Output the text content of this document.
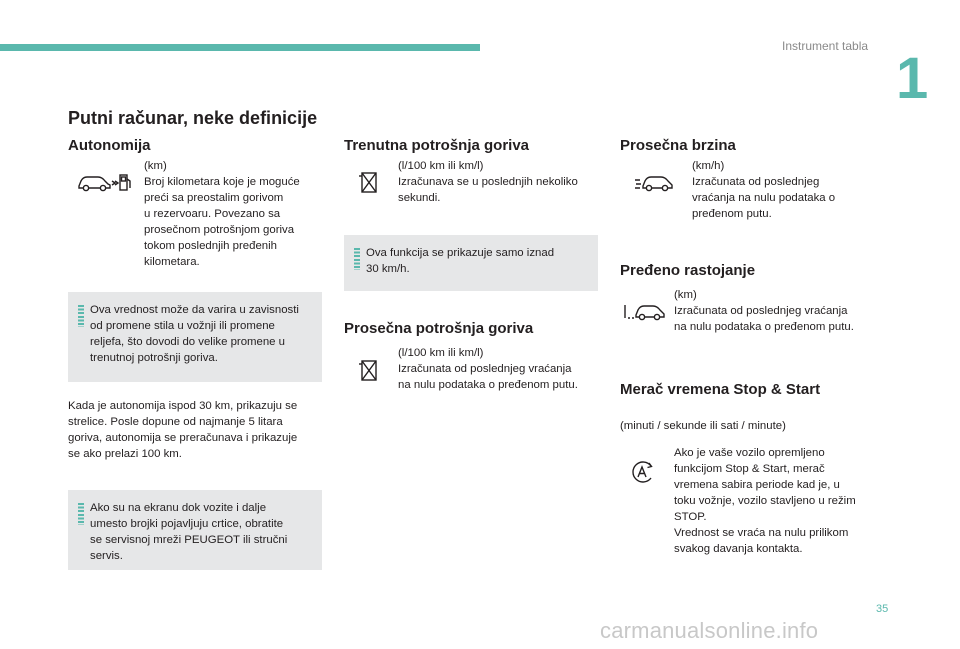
Instrument tabla 1
Putni računar, neke definicije
Autonomija
(km)
Broj kilometara koje je moguće
preći sa preostalim gorivom
u rezervoaru. Povezano sa
prosečnom potrošnjom goriva
tokom poslednjih pređenih
kilometara.
Ova vrednost može da varira u zavisnosti
od promene stila u vožnji ili promene
reljefa, što dovodi do velike promene u
trenutnoj potrošnji goriva.
Kada je autonomija ispod 30 km, prikazuju se
strelice. Posle dopune od najmanje 5 litara
goriva, autonomija se preračunava i prikazuje
se ako prelazi 100 km.
Ako su na ekranu dok vozite i dalje
umesto brojki pojavljuju crtice, obratite
se servisnoj mreži PEUGEOT ili stručni
servis.
Trenutna potrošnja goriva
(l/100 km ili km/l)
Izračunava se u poslednjih nekoliko
sekundi.
Ova funkcija se prikazuje samo iznad
30 km/h.
Prosečna potrošnja goriva
(l/100 km ili km/l)
Izračunata od poslednjeg vraćanja
na nulu podataka o pređenom putu.
Prosečna brzina
(km/h)
Izračunata od poslednjeg
vraćanja na nulu podataka o
pređenom putu.
Pređeno rastojanje
(km)
Izračunata od poslednjeg vraćanja
na nulu podataka o pređenom putu.
Merač vremena Stop & Start
(minuti / sekunde ili sati / minute)
Ako je vaše vozilo opremljeno
funkcijom Stop & Start, merač
vremena sabira periode kad je, u
toku vožnje, vozilo stavljeno u režim
STOP.
Vrednost se vraća na nulu prilikom
svakog davanja kontakta.
35
carmanualsonline.info
